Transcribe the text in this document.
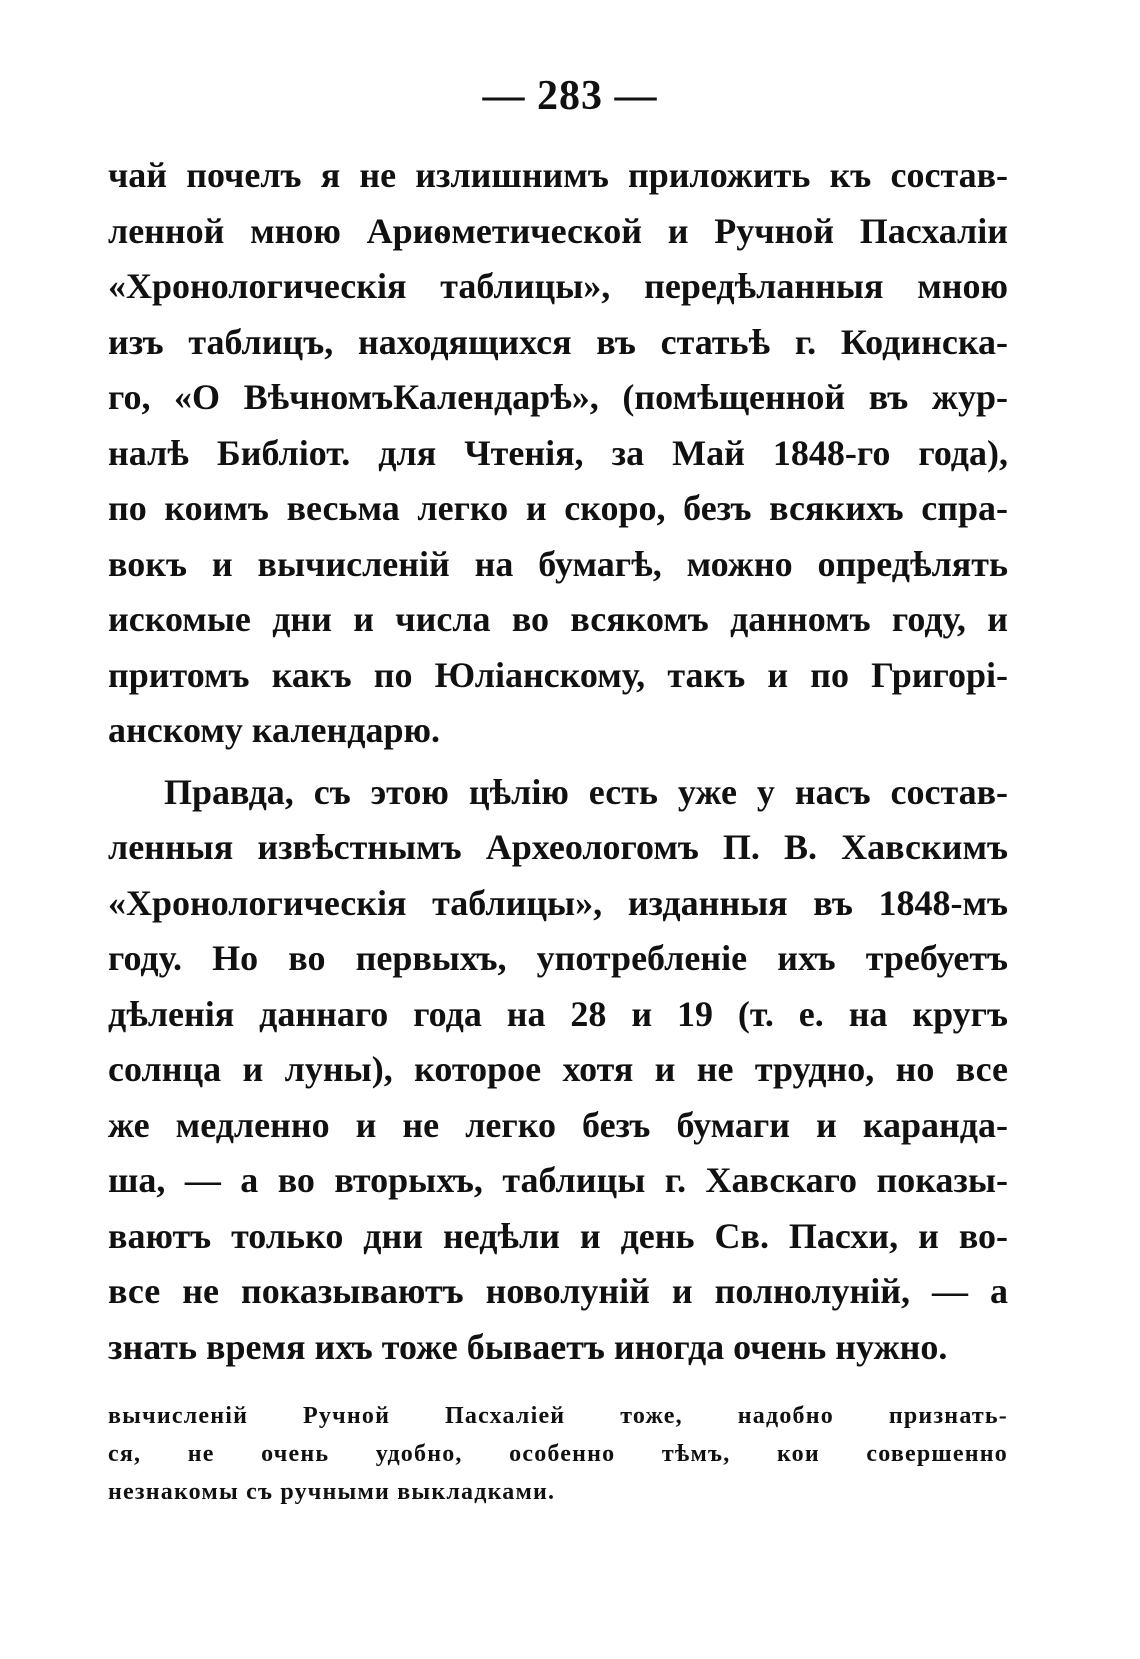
— 283 —
чай почелъ я не излишнимъ приложить къ состав-
ленной мною Ариѳметической и Ручной Пасхаліи
«Хронологическія таблицы», передѣланныя мною
изъ таблицъ, находящихся въ статьѣ г. Кодинска-
го, «О ВѣчномъКалендарѣ», (помѣщенной въ жур-
налѣ Библіот. для Чтенія, за Май 1848-го года),
по коимъ весьма легко и скоро, безъ всякихъ спра-
вокъ и вычисленій на бумагѣ, можно опредѣлять
искомые дни и числа во всякомъ данномъ году, и
притомъ какъ по Юліанскому, такъ и по Григорі-
анскому календарю.
Правда, съ этою цѣлію есть уже у насъ состав-
ленныя извѣстнымъ Археологомъ П. В. Хавскимъ
«Хронологическія таблицы», изданныя въ 1848-мъ
году. Но во первыхъ, употребленіе ихъ требуетъ
дѣленія даннаго года на 28 и 19 (т. е. на кругъ
солнца и луны), которое хотя и не трудно, но все
же медленно и не легко безъ бумаги и каранда-
ша, — а во вторыхъ, таблицы г. Хавскаго показы-
ваютъ только дни недѣли и день Св. Пасхи, и во-
все не показываютъ новолуній и полнолуній, — а
знать время ихъ тоже бываетъ иногда очень нужно.
вычисленій Ручной Пасхаліей тоже, надобно признать-
ся, не очень удобно, особенно тѣмъ, кои совершенно
незнакомы съ ручными выкладками.
